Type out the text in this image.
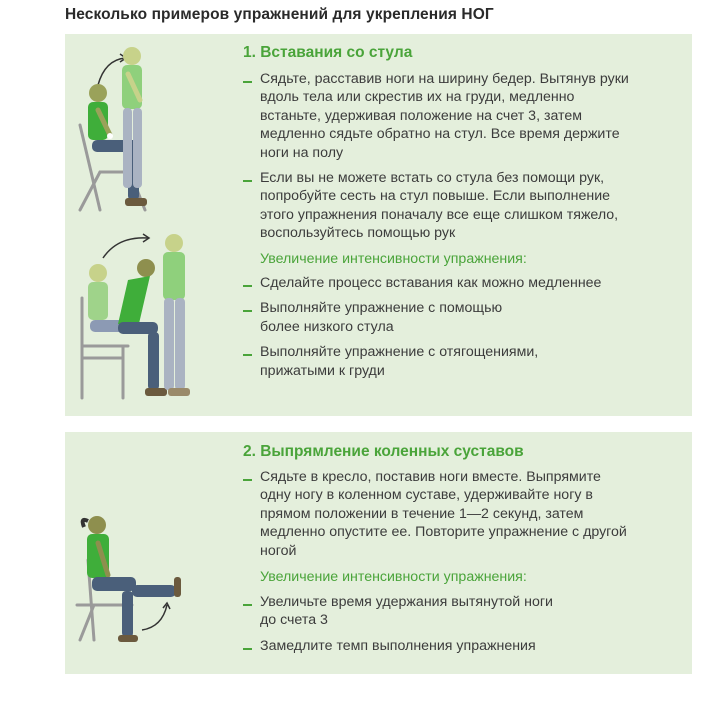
Несколько примеров упражнений для укрепления НОГ
1. Вставания со стула
Сядьте, расставив ноги на ширину бедер. Вытянув руки вдоль тела или скрестив их на груди, медленно встаньте, удерживая положение на счет 3, затем медленно сядьте обратно на стул. Все время держите ноги на полу
Если вы не можете встать со стула без помощи рук, попробуйте сесть на стул повыше. Если выполнение этого упражнения поначалу все еще слишком тяжело, воспользуйтесь помощью рук
Увеличение интенсивности упражнения:
Сделайте процесс вставания как можно медленнее
Выполняйте упражнение с помощью более низкого стула
Выполняйте упражнение с отягощениями, прижатыми к груди
2. Выпрямление коленных суставов
Сядьте в кресло, поставив ноги вместе. Выпрямите одну ногу в коленном суставе, удерживайте ногу в прямом положении в течение 1—2 секунд, затем медленно опустите ее. Повторите упражнение с другой ногой
Увеличение интенсивности упражнения:
Увеличьте время удержания вытянутой ноги до счета 3
Замедлите темп выполнения упражнения
